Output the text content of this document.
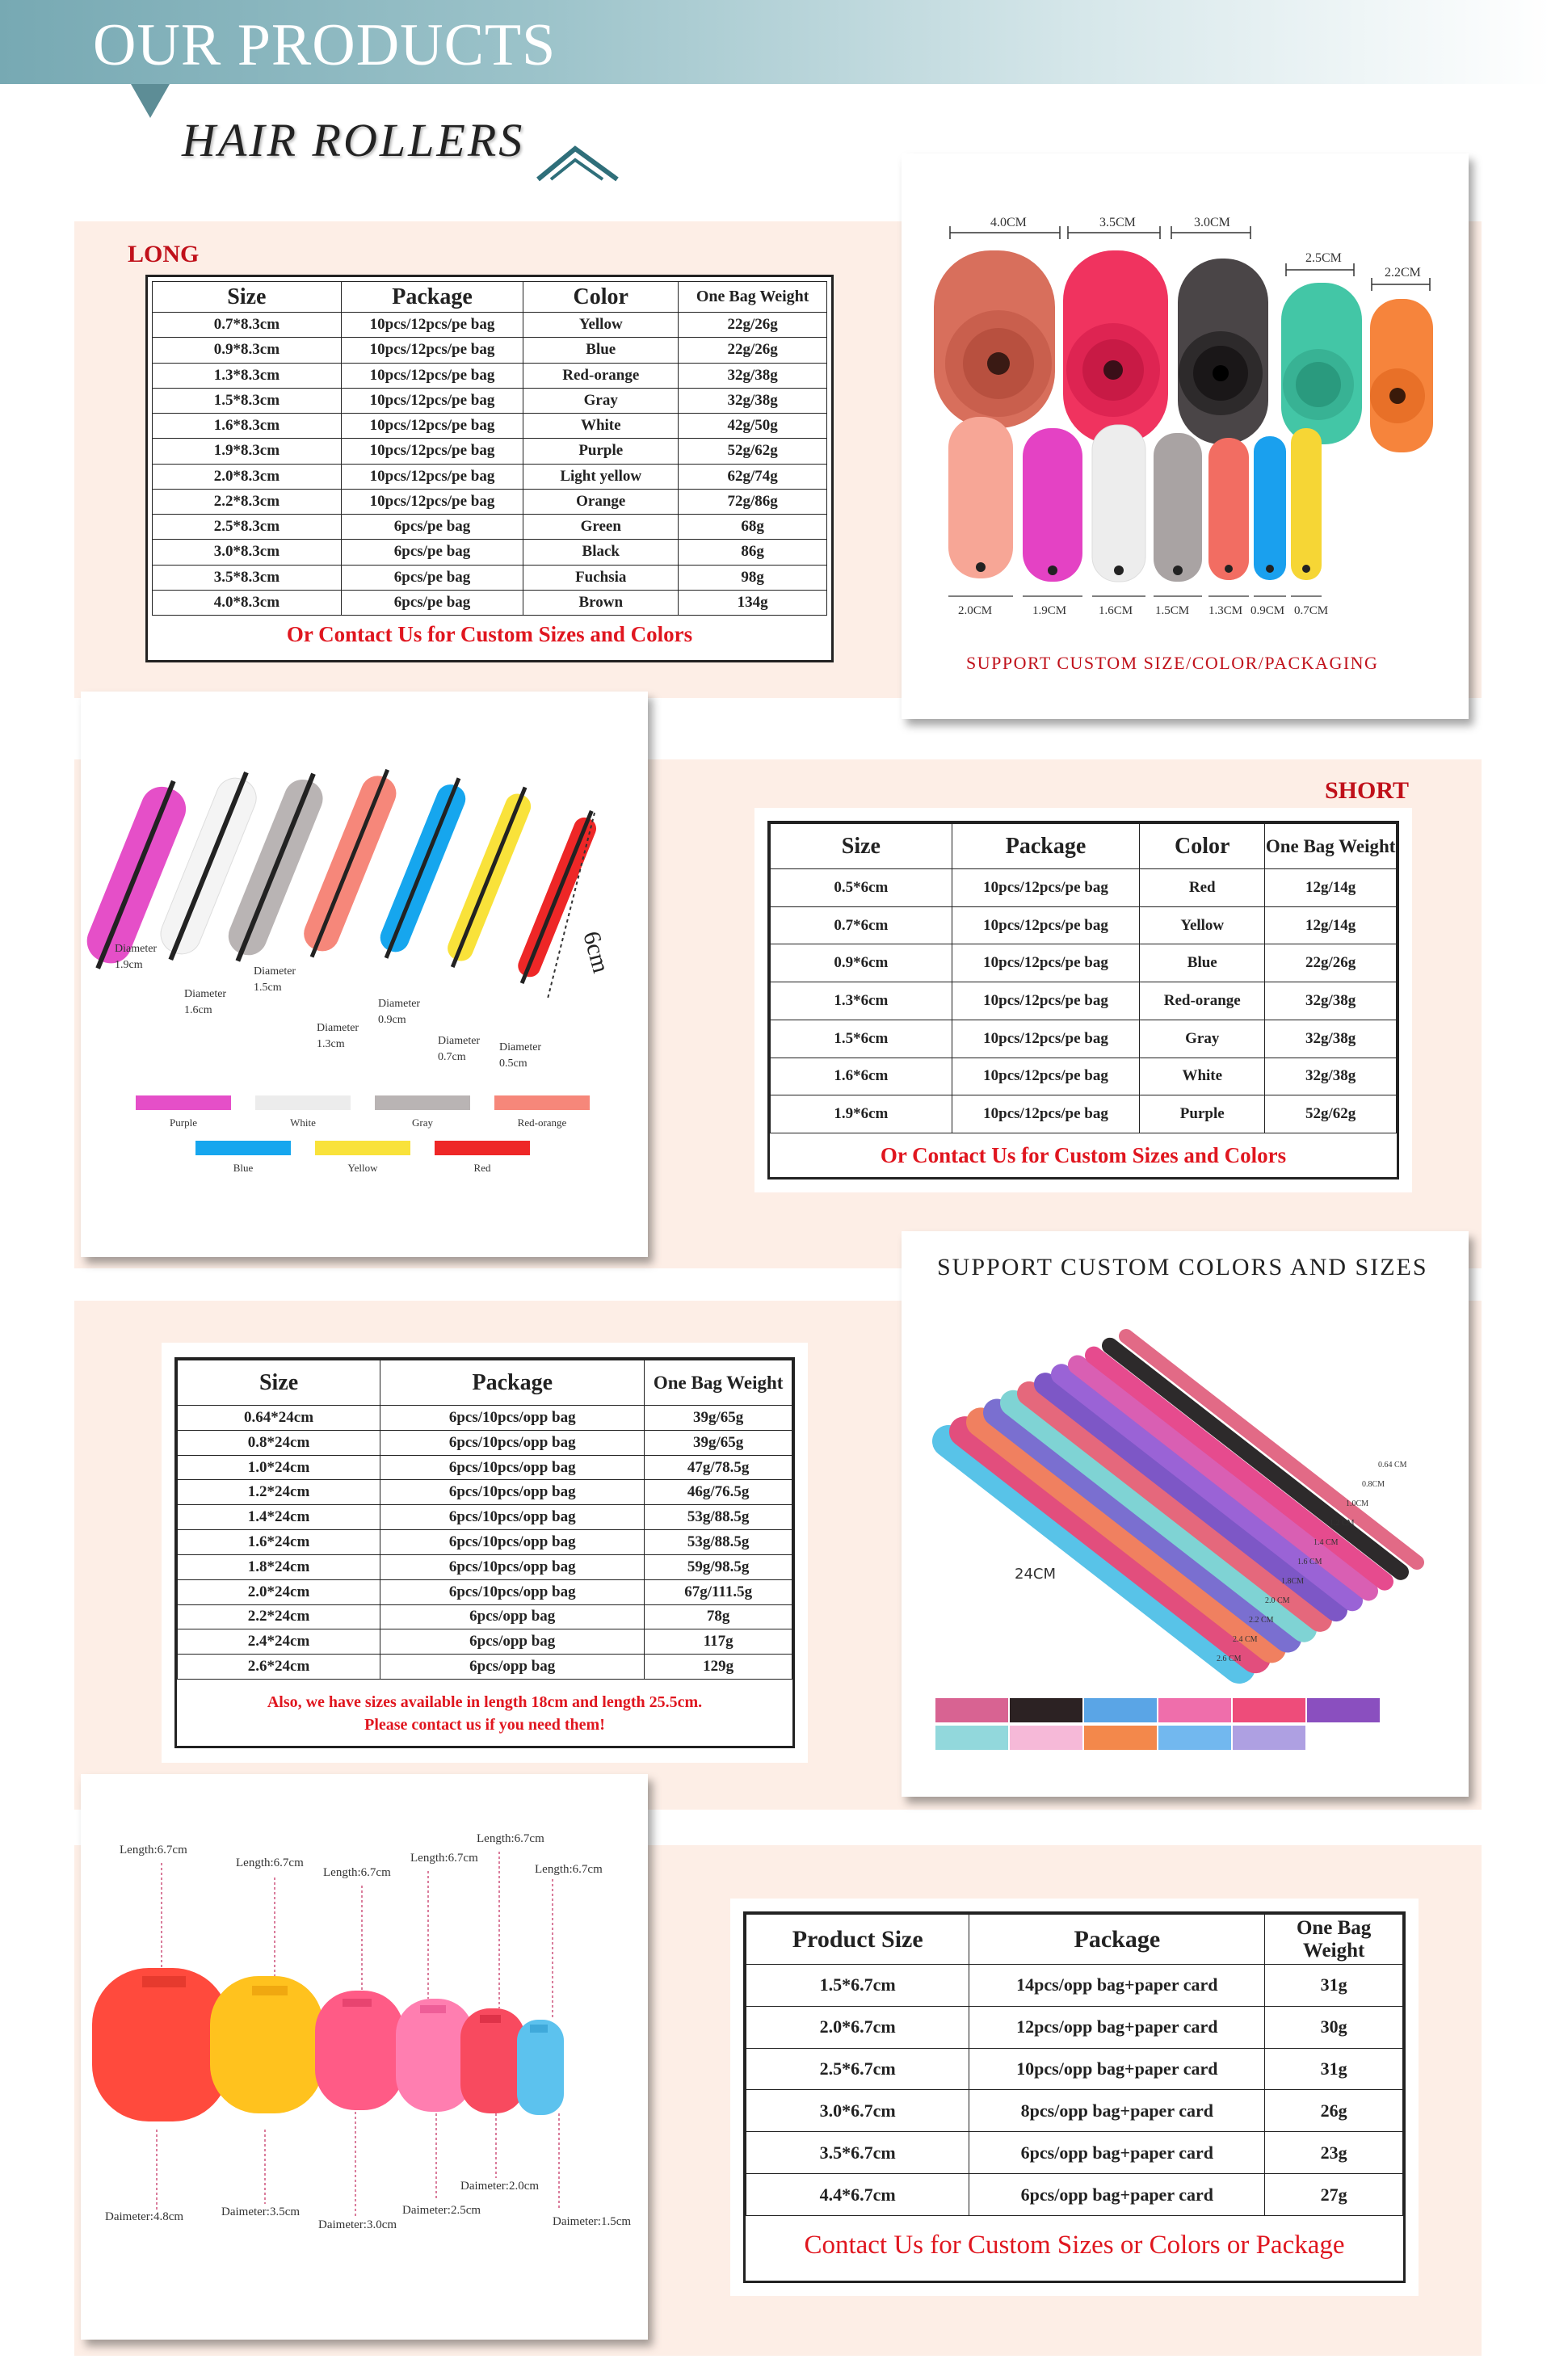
OUR PRODUCTS
HAIR ROLLERS
LONG
Size	Package	Color	One Bag Weight
0.7*8.3cm	10pcs/12pcs/pe bag	Yellow	22g/26g
0.9*8.3cm	10pcs/12pcs/pe bag	Blue	22g/26g
1.3*8.3cm	10pcs/12pcs/pe bag	Red-orange	32g/38g
1.5*8.3cm	10pcs/12pcs/pe bag	Gray	32g/38g
1.6*8.3cm	10pcs/12pcs/pe bag	White	42g/50g
1.9*8.3cm	10pcs/12pcs/pe bag	Purple	52g/62g
2.0*8.3cm	10pcs/12pcs/pe bag	Light yellow	62g/74g
2.2*8.3cm	10pcs/12pcs/pe bag	Orange	72g/86g
2.5*8.3cm	6pcs/pe bag	Green	68g
3.0*8.3cm	6pcs/pe bag	Black	86g
3.5*8.3cm	6pcs/pe bag	Fuchsia	98g
4.0*8.3cm	6pcs/pe bag	Brown	134g
Or Contact Us for Custom Sizes and Colors
4.0CM	3.5CM	3.0CM
2.5CM
2.2CM
2.0CM	1.9CM	1.6CM 1.5CM 1.3CM 0.9CM 0.7CM
SUPPORT CUSTOM SIZE/COLOR/PACKAGING
6cm
Diameter 1.9cm
Diameter 1.6cm
Diameter 1.5cm
Diameter 1.3cm
Diameter 0.9cm
Diameter 0.7cm
Diameter 0.5cm
Purple	White	Gray	Red-orange
Blue	Yellow	Red
SHORT
Size	Package	Color	One Bag Weight
0.5*6cm	10pcs/12pcs/pe bag	Red	12g/14g
0.7*6cm	10pcs/12pcs/pe bag	Yellow	12g/14g
0.9*6cm	10pcs/12pcs/pe bag	Blue	22g/26g
1.3*6cm	10pcs/12pcs/pe bag	Red-orange	32g/38g
1.5*6cm	10pcs/12pcs/pe bag	Gray	32g/38g
1.6*6cm	10pcs/12pcs/pe bag	White	32g/38g
1.9*6cm	10pcs/12pcs/pe bag	Purple	52g/62g
Or Contact Us for Custom Sizes and Colors
Size	Package	One Bag Weight
0.64*24cm	6pcs/10pcs/opp bag	39g/65g
0.8*24cm	6pcs/10pcs/opp bag	39g/65g
1.0*24cm	6pcs/10pcs/opp bag	47g/78.5g
1.2*24cm	6pcs/10pcs/opp bag	46g/76.5g
1.4*24cm	6pcs/10pcs/opp bag	53g/88.5g
1.6*24cm	6pcs/10pcs/opp bag	53g/88.5g
1.8*24cm	6pcs/10pcs/opp bag	59g/98.5g
2.0*24cm	6pcs/10pcs/opp bag	67g/111.5g
2.2*24cm	6pcs/opp bag	78g
2.4*24cm	6pcs/opp bag	117g
2.6*24cm	6pcs/opp bag	129g
Also, we have sizes available in length 18cm and length 25.5cm.
Please contact us if you need them!
SUPPORT CUSTOM COLORS AND SIZES
24CM
0.64 CM
0.8CM
1.0CM
1.2 CM
1.4 CM
1.6 CM
1.8CM
2.0 CM
2.2 CM
2.4 CM
2.6 CM
Length:6.7cm
Length:6.7cm
Length:6.7cm
Length:6.7cm
Length:6.7cm
Length:6.7cm
Daimeter:4.8cm	Daimeter:3.5cm
Daimeter:3.0cm
Daimeter:2.5cm
Daimeter:2.0cm
Daimeter:1.5cm
Product Size	Package	One Bag Weight
1.5*6.7cm	14pcs/opp bag+paper card	31g
2.0*6.7cm	12pcs/opp bag+paper card	30g
2.5*6.7cm	10pcs/opp bag+paper card	31g
3.0*6.7cm	8pcs/opp bag+paper card	26g
3.5*6.7cm	6pcs/opp bag+paper card	23g
4.4*6.7cm	6pcs/opp bag+paper card	27g
Contact Us for Custom Sizes or Colors or Package
